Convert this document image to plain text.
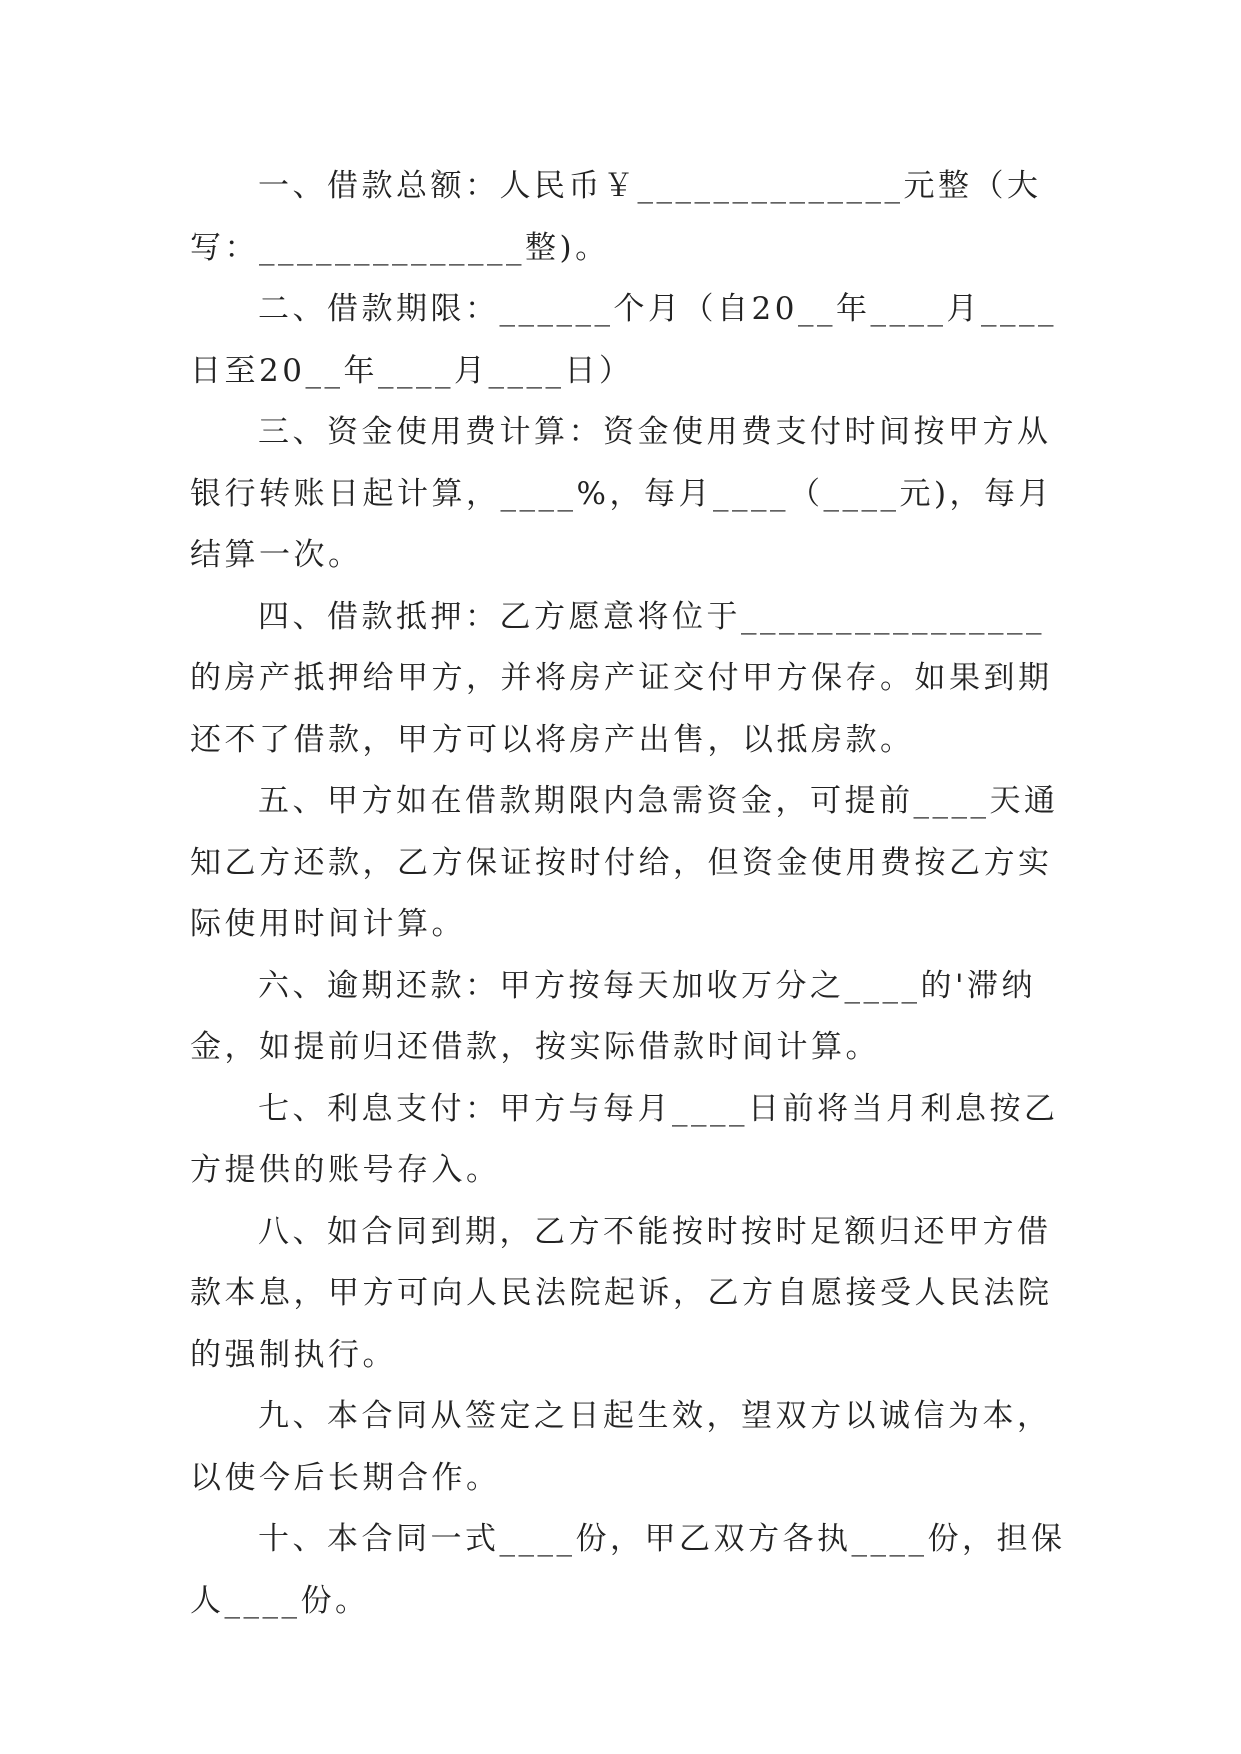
一、借款总额：人民币￥______________元整（大写：______________整)。

二、借款期限：______个月（自20__年____月____日至20__年____月____日）

三、资金使用费计算：资金使用费支付时间按甲方从银行转账日起计算，____%，每月____（____元)，每月结算一次。

四、借款抵押：乙方愿意将位于________________的房产抵押给甲方，并将房产证交付甲方保存。如果到期还不了借款，甲方可以将房产出售，以抵房款。

五、甲方如在借款期限内急需资金，可提前____天通知乙方还款，乙方保证按时付给，但资金使用费按乙方实际使用时间计算。

六、逾期还款：甲方按每天加收万分之____的'滞纳金，如提前归还借款，按实际借款时间计算。

七、利息支付：甲方与每月____日前将当月利息按乙方提供的账号存入。

八、如合同到期，乙方不能按时按时足额归还甲方借款本息，甲方可向人民法院起诉，乙方自愿接受人民法院的强制执行。

九、本合同从签定之日起生效，望双方以诚信为本，以使今后长期合作。

十、本合同一式____份，甲乙双方各执____份，担保人____份。
